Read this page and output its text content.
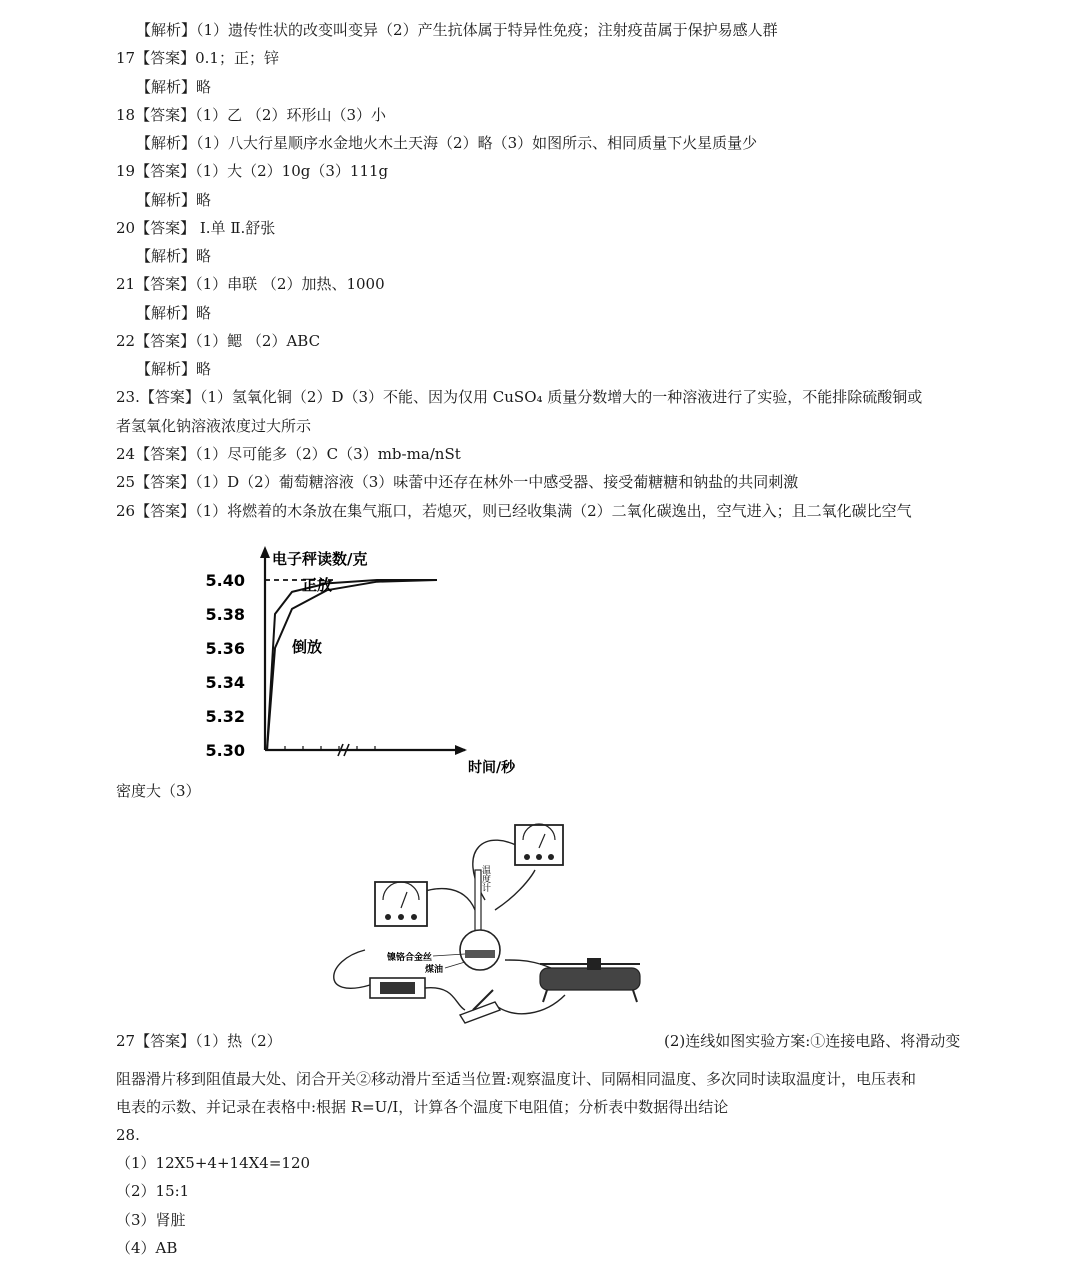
【解析】（1）遗传性状的改变叫变异（2）产生抗体属于特异性免疫；注射疫苗属于保护易感人群
17【答案】0.1；正；锌
【解析】略
18【答案】（1）乙 （2）环形山（3）小
【解析】（1）八大行星顺序水金地火木土天海（2）略（3）如图所示、相同质量下火星质量少
19【答案】（1）大（2）10g（3）111g
【解析】略
20【答案】 Ⅰ.单 Ⅱ.舒张
【解析】略
21【答案】（1）串联 （2）加热、1000
【解析】略
22【答案】（1）鳃 （2）ABC
【解析】略
23.【答案】（1）氢氧化铜（2）D（3）不能、因为仅用 CuSO₄ 质量分数增大的一种溶液进行了实验，不能排除硫酸铜或
者氢氧化钠溶液浓度过大所示
24【答案】（1）尽可能多（2）C（3）mb-ma/nSt
25【答案】（1）D（2）葡萄糖溶液（3）味蕾中还存在林外一中感受器、接受葡糖糖和钠盐的共同刺激
26【答案】（1）将燃着的木条放在集气瓶口，若熄灭，则已经收集满（2）二氧化碳逸出，空气进入；且二氧化碳比空气
5.40
5.38
5.36
5.34
5.32
5.30
电子秤读数/克
时间/秒
正放
倒放
密度大（3）
温度计
镍铬合金丝
煤油
27【答案】（1）热（2）	(2)连线如图实验方案:①连接电路、将滑动变
阻器滑片移到阻值最大处、闭合开关②移动滑片至适当位置:观察温度计、同隔相同温度、多次同时读取温度计，电压表和
电表的示数、并记录在表格中:根据 R=U/I，计算各个温度下电阻值；分析表中数据得出结论
28.
（1）12X5+4+14X4=120
（2）15:1
（3）肾脏
（4）AB
